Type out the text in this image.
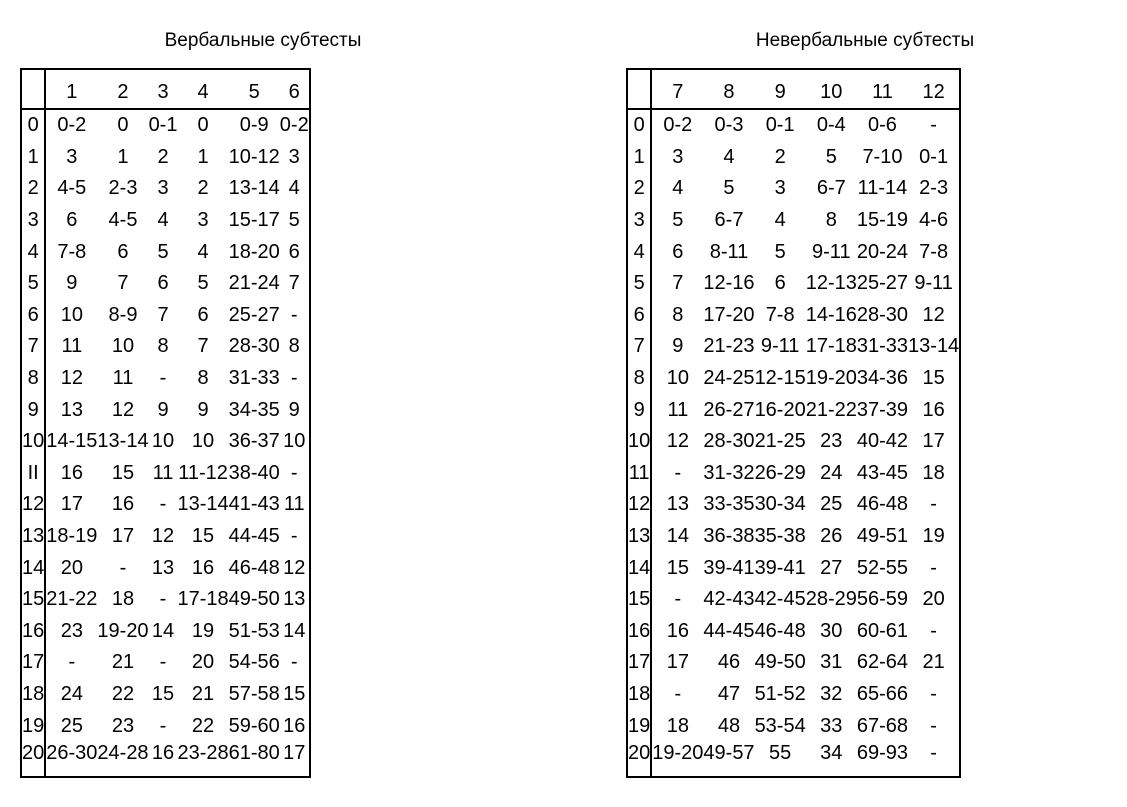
Вербальные субтесты
	1	2	3	4	5	6
0	0-2	0	0-1	0	0-9	0-2
1	3	1	2	1	10-12	3
2	4-5	2-3	3	2	13-14	4
3	6	4-5	4	3	15-17	5
4	7-8	6	5	4	18-20	6
5	9	7	6	5	21-24	7
6	10	8-9	7	6	25-27	-
7	11	10	8	7	28-30	8
8	12	11	-	8	31-33	-
9	13	12	9	9	34-35	9
10	14-15	13-14	10	10	36-37	10
II	16	15	11	11-12	38-40	-
12	17	16	-	13-14	41-43	11
13	18-19	17	12	15	44-45	-
14	20	-	13	16	46-48	12
15	21-22	18	-	17-18	49-50	13
16	23	19-20	14	19	51-53	14
17	-	21	-	20	54-56	-
18	24	22	15	21	57-58	15
19	25	23	-	22	59-60	16
20	26-30	24-28	16	23-28	61-80	17
Невербальные субтесты
	7	8	9	10	11	12
0	0-2	0-3	0-1	0-4	0-6	-
1	3	4	2	5	7-10	0-1
2	4	5	3	6-7	11-14	2-3
3	5	6-7	4	8	15-19	4-6
4	6	8-11	5	9-11	20-24	7-8
5	7	12-16	6	12-13	25-27	9-11
6	8	17-20	7-8	14-16	28-30	12
7	9	21-23	9-11	17-18	31-33	13-14
8	10	24-25	12-15	19-20	34-36	15
9	11	26-27	16-20	21-22	37-39	16
10	12	28-30	21-25	23	40-42	17
11	-	31-32	26-29	24	43-45	18
12	13	33-35	30-34	25	46-48	-
13	14	36-38	35-38	26	49-51	19
14	15	39-41	39-41	27	52-55	-
15	-	42-43	42-45	28-29	56-59	20
16	16	44-45	46-48	30	60-61	-
17	17	46	49-50	31	62-64	21
18	-	47	51-52	32	65-66	-
19	18	48	53-54	33	67-68	-
20	19-20	49-57	55	34	69-93	-
